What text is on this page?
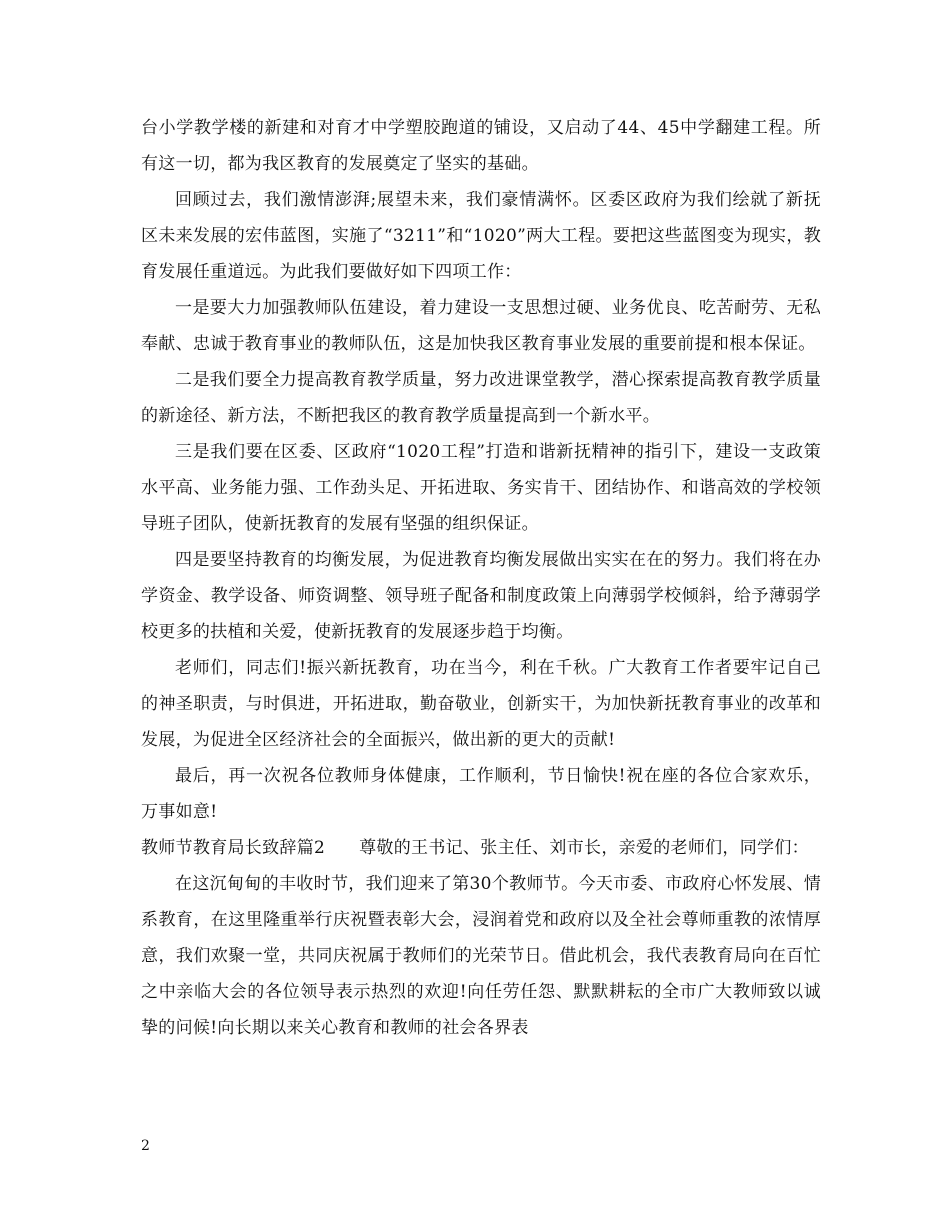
台小学教学楼的新建和对育才中学塑胶跑道的铺设，又启动了44、45中学翻建工程。所有这一切，都为我区教育的发展奠定了坚实的基础。

回顾过去，我们激情澎湃;展望未来，我们豪情满怀。区委区政府为我们绘就了新抚区未来发展的宏伟蓝图，实施了“3211”和“1020”两大工程。要把这些蓝图变为现实，教育发展任重道远。为此我们要做好如下四项工作：

一是要大力加强教师队伍建设，着力建设一支思想过硬、业务优良、吃苦耐劳、无私奉献、忠诚于教育事业的教师队伍，这是加快我区教育事业发展的重要前提和根本保证。

二是我们要全力提高教育教学质量，努力改进课堂教学，潜心探索提高教育教学质量的新途径、新方法，不断把我区的教育教学质量提高到一个新水平。

三是我们要在区委、区政府“1020工程”打造和谐新抚精神的指引下，建设一支政策水平高、业务能力强、工作劲头足、开拓进取、务实肯干、团结协作、和谐高效的学校领导班子团队，使新抚教育的发展有坚强的组织保证。

四是要坚持教育的均衡发展，为促进教育均衡发展做出实实在在的努力。我们将在办学资金、教学设备、师资调整、领导班子配备和制度政策上向薄弱学校倾斜，给予薄弱学校更多的扶植和关爱，使新抚教育的发展逐步趋于均衡。

老师们，同志们!振兴新抚教育，功在当今，利在千秋。广大教育工作者要牢记自己的神圣职责，与时俱进，开拓进取，勤奋敬业，创新实干，为加快新抚教育事业的改革和发展，为促进全区经济社会的全面振兴，做出新的更大的贡献!

最后，再一次祝各位教师身体健康，工作顺利，节日愉快!祝在座的各位合家欢乐，万事如意!

教师节教育局长致辞篇2 尊敬的王书记、张主任、刘市长，亲爱的老师们，同学们：

在这沉甸甸的丰收时节，我们迎来了第30个教师节。今天市委、市政府心怀发展、情系教育，在这里隆重举行庆祝暨表彰大会，浸润着党和政府以及全社会尊师重教的浓情厚意，我们欢聚一堂，共同庆祝属于教师们的光荣节日。借此机会，我代表教育局向在百忙之中亲临大会的各位领导表示热烈的欢迎!向任劳任怨、默默耕耘的全市广大教师致以诚挚的问候!向长期以来关心教育和教师的社会各界表

2
